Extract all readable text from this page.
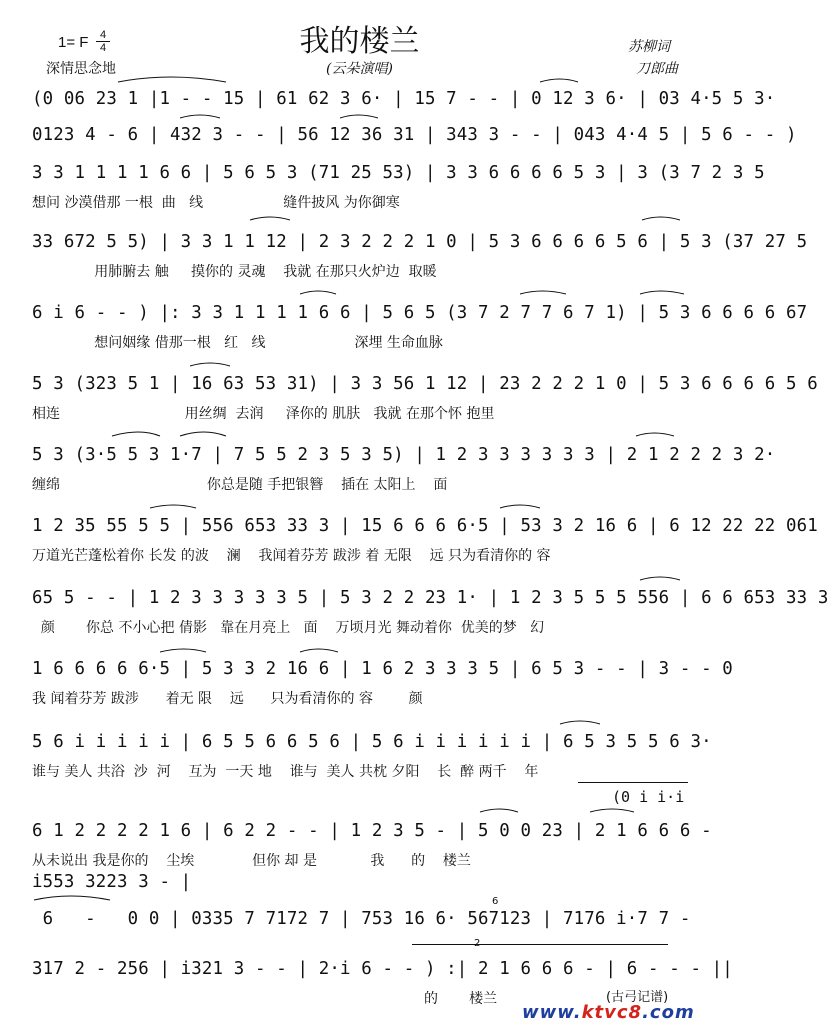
我的楼兰
1= F	4
4
深情思念地	(云朵演唱)
苏柳词
刀郎曲
(0 06 23 1 |1 - - 15 | 61 62 3 6· | 15 7 - - | 0 12 3 6· | 03 4·5 5 3·
0123 4 - 6 | 432 3 - - | 56 12 36 31 | 343 3 - - | 043 4·4 5 | 5 6 - - )
3 3 1 1 1 1 6 6 | 5 6 5 3 (71 25 53) | 3 3 6 6 6 6 5 3 | 3 (3 7 2 3 5
想问 沙漠借那 一根  曲   线                  缝件披风 为你御寒
33 672 5 5) | 3 3 1 1 12 | 2 3 2 2 2 1 0 | 5 3 6 6 6 6 5 6 | 5 3 (37 27 5
用肺腑去 触     摸你的 灵魂    我就 在那只火炉边  取暖
6 i 6 - - ) |: 3 3 1 1 1 1 6 6 | 5 6 5 (3 7 2 7 7 6 7 1) | 5 3 6 6 6 6 67
想问姻缘 借那一根   红   线                    深埋 生命血脉
5 3 (323 5 1 | 16 63 53 31) | 3 3 56 1 12 | 23 2 2 2 1 0 | 5 3 6 6 6 6 5 6
相连                            用丝绸  去润     泽你的 肌肤   我就 在那个怀 抱里
5 3 (3·5 5 3 1·7 | 7 5 5 2 3 5 3 5) | 1 2 3 3 3 3 3 3 | 2 1 2 2 2 3 2·
缠绵                                 你总是随 手把银簪    插在 太阳上    面
1 2 35 55 5 5 | 556 653 33 3 | 15 6 6 6 6·5 | 53 3 2 16 6 | 6 12 22 22 061
万道光芒蓬松着你 长发 的波    澜    我闻着芬芳 跋涉 着 无限    远 只为看清你的 容
65 5 - - | 1 2 3 3 3 3 3 5 | 5 3 2 2 23 1· | 1 2 3 5 5 5 556 | 6 6 653 33 3
颜       你总 不小心把 倩影   靠在月亮上   面    万顷月光 舞动着你  优美的梦   幻
1 6 6 6 6 6·5 | 5 3 3 2 16 6 | 1 6 2 3 3 3 5 | 6 5 3 - - | 3 - - 0
我 闻着芬芳 跋涉      着无 限    远      只为看清你的 容        颜
5 6 i i i i i | 6 5 5 6 6 5 6 | 5 6 i i i i i i | 6 5 3 5 5 6 3·
谁与 美人 共浴  沙  河    互为  一天 地    谁与  美人 共枕 夕阳    长  醉 两千    年
(0 i i·i
6 1 2 2 2 2 1 6 | 6 2 2 - - | 1 2 3 5 - | 5 0 0 23 | 2 1 6 6 6 -
从未说出 我是你的    尘埃             但你 却 是            我      的    楼兰
i553 3223 3 - |
6   -   0 0 | 0335 7 7172 7 | 753 16 6· 567123 | 7176 i·7 7 -
317 2 - 256 | i321 3 - - | 2·i 6 - - ) :| 2 1 6 6 6 - | 6 - - - ||
2
6
的       楼兰	(古弓记谱)
www.ktvc8.com
